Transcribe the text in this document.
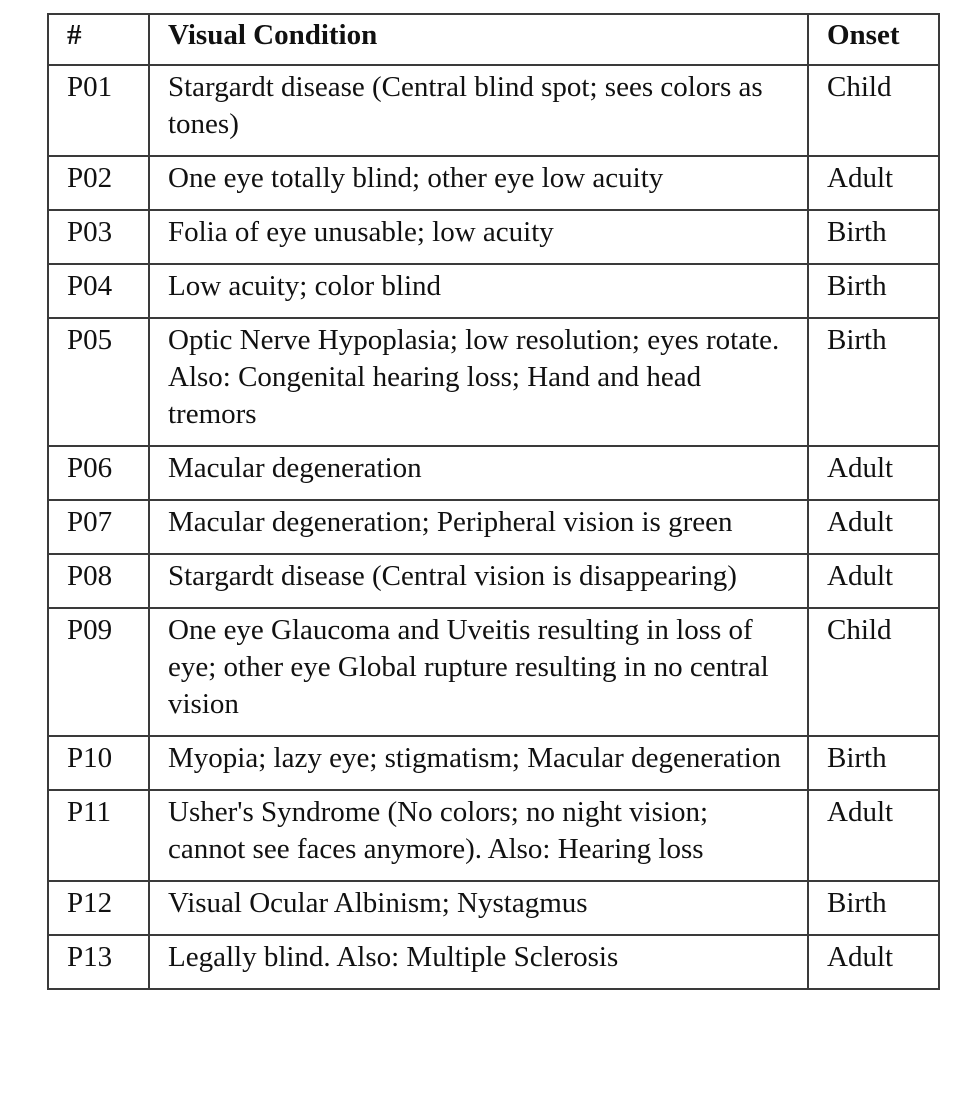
#	Visual Condition	Onset
P01	Stargardt disease (Central blind spot; sees colors as tones)	Child
P02	One eye totally blind; other eye low acuity	Adult
P03	Folia of eye unusable; low acuity	Birth
P04	Low acuity; color blind	Birth
P05	Optic Nerve Hypoplasia; low resolution; eyes rotate. Also: Congenital hearing loss; Hand and head tremors	Birth
P06	Macular degeneration	Adult
P07	Macular degeneration; Peripheral vision is green	Adult
P08	Stargardt disease (Central vision is disappearing)	Adult
P09	One eye Glaucoma and Uveitis resulting in loss of eye; other eye Global rupture resulting in no central vision	Child
P10	Myopia; lazy eye; stigmatism; Macular degeneration	Birth
P11	Usher's Syndrome (No colors; no night vision; cannot see faces anymore). Also: Hearing loss	Adult
P12	Visual Ocular Albinism; Nystagmus	Birth
P13	Legally blind. Also: Multiple Sclerosis	Adult
